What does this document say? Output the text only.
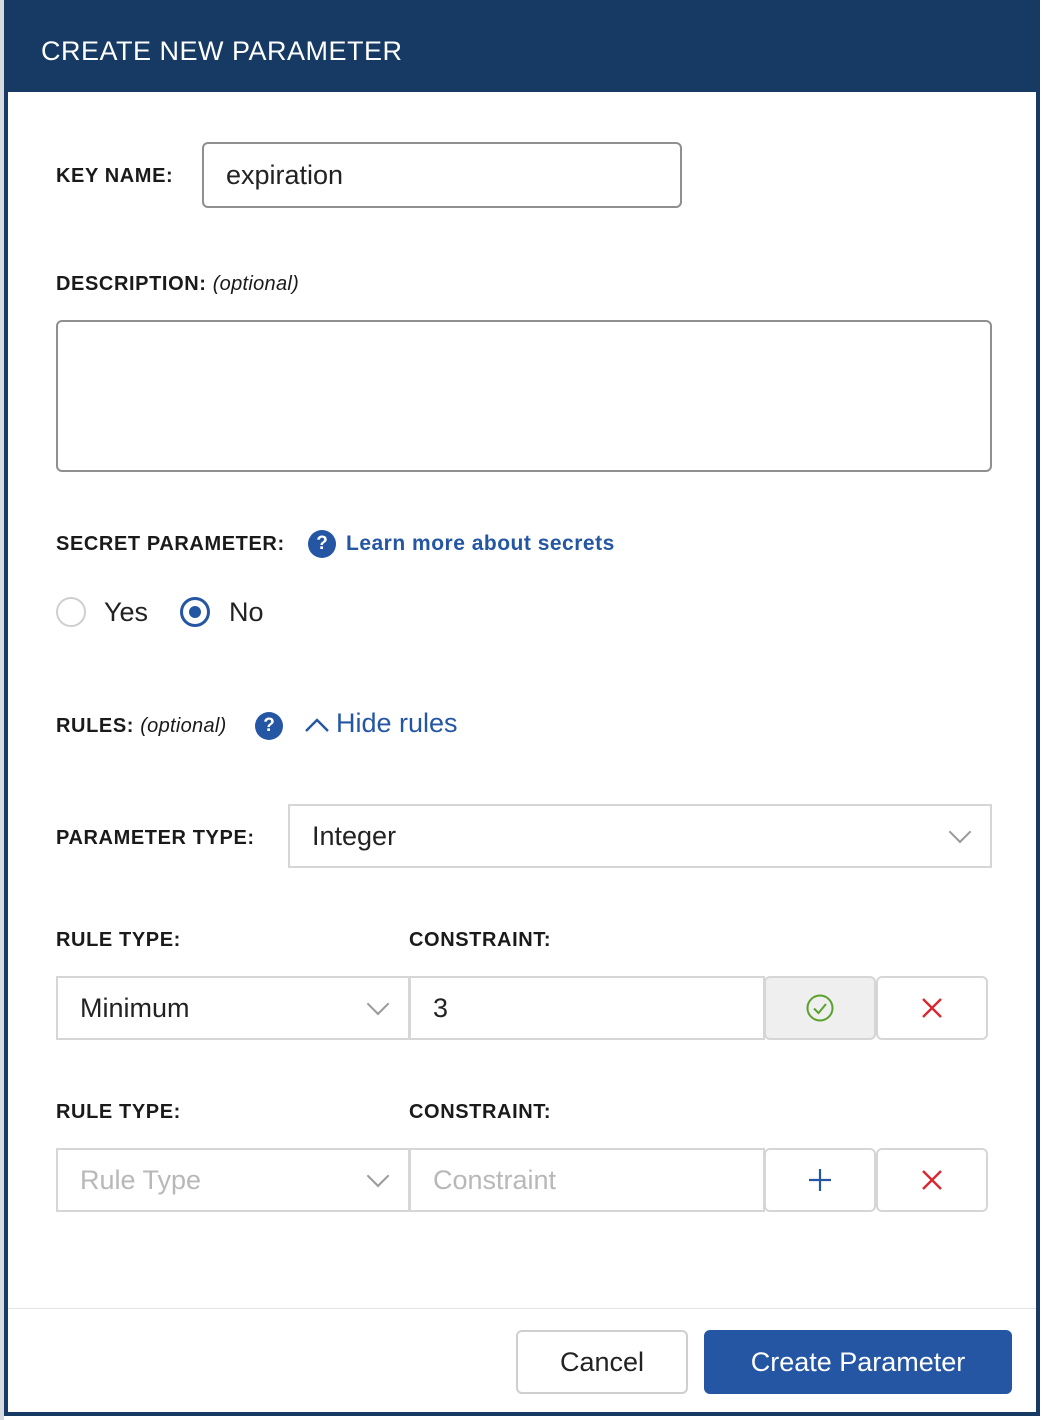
CREATE NEW PARAMETER
KEY NAME: expiration
DESCRIPTION: (optional)
SECRET PARAMETER:	? Learn more about secrets
Yes	No
RULES: (optional)	?	Hide rules
PARAMETER TYPE: Integer
RULE TYPE:	CONSTRAINT:
Minimum	3
RULE TYPE:	CONSTRAINT:
Rule Type	Constraint
Cancel	Create Parameter
